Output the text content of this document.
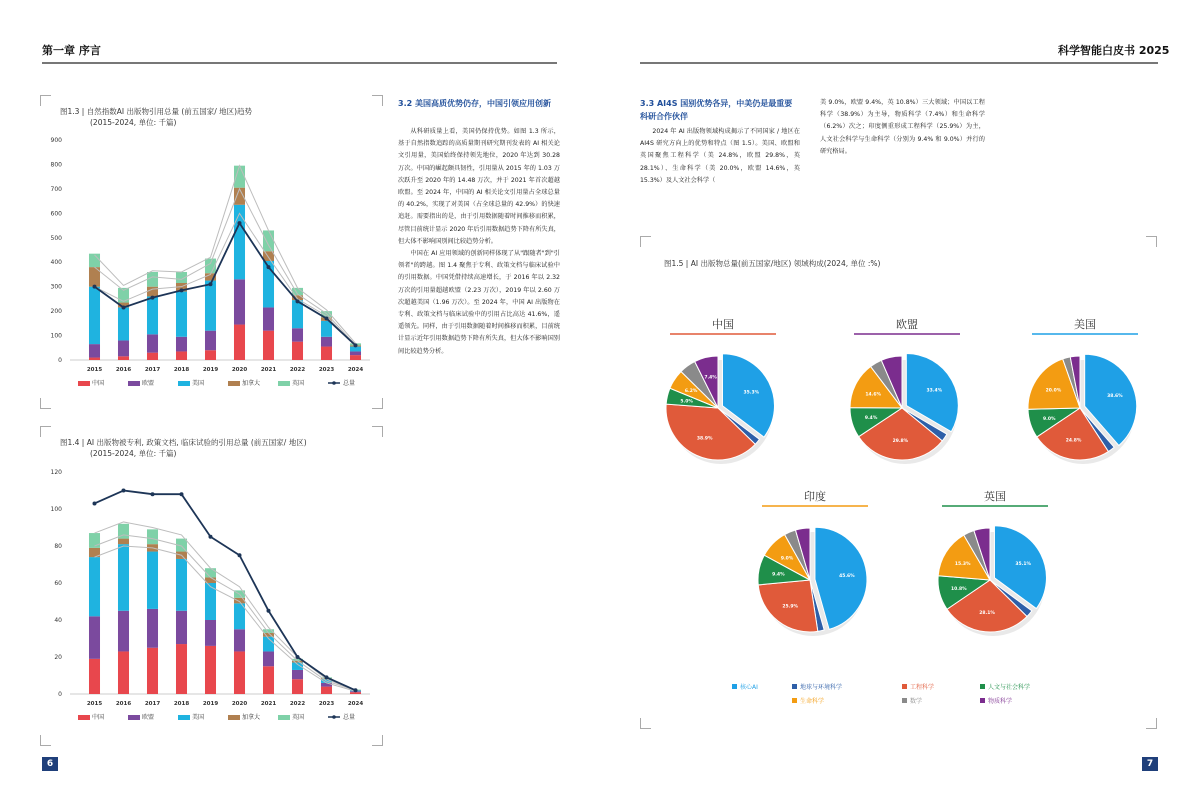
第一章 序言
图1.3 | 自然指数AI 出版物引用总量 (前五国家/ 地区)趋势
(2015-2024, 单位: 千篇)
0
100
200
300
400
500
600
700
800
900
2015 2016 2017 2018 2019 2020 2021 2022 2023 2024
中国	欧盟	美国	加拿大	英国	总量
图1.4 | AI 出版物被专利, 政策文档, 临床试验的引用总量 (前五国家/ 地区)
(2015-2024, 单位: 千篇)
0
20
40
60
80
100
120
2015 2016 2017 2018 2019 2020 2021 2022 2023 2024
中国	欧盟	美国	加拿大	英国	总量
3.2 美国高质优势仍存，中国引领应用创新

从科研质量上看，美国仍保持优势。如图 1.3 所示，基于自然指数追踪的高质量期刊研究期刊发表的 AI 相关论文引用量，美国始终保持领先地位，2020 年达到 30.28 万次。中国的崛起颇具韧性，引用量从 2015 年的 1.03 万次跃升至 2020 年的 14.48 万次，并于 2021 年首次超越欧盟。至 2024 年，中国的 AI 相关论文引用量占全球总量的 40.2%，实现了对美国（占全球总量的 42.9%）的快速追赶。需要指出的是，由于引用数据随着时间推移而积累，尽管目前统计显示 2020 年后引用数据趋势下降有所失真，但大体不影响国别间比较趋势分析。

中国在 AI 应用领域的创新同样体现了从"跟随者"到"引领者"的跨越。图 1.4 聚焦于专利、政策文档与临床试验中的引用数据。中国凭借持续高速增长，于 2016 年以 2.32 万次的引用量超越欧盟（2.23 万次），2019 年以 2.60 万次超越美国（1.96 万次）。至 2024 年，中国 AI 出版物在专利、政策文档与临床试验中的引用占比高达 41.6%，遥遥领先。同样，由于引用数据随着时间推移而积累，目前统计显示近年引用数据趋势下降有所失真，但大体不影响国别间比较趋势分析。

6
科学智能白皮书 2025
3.3 AI4S 国别优势各异，中美仍是最重要科研合作伙伴

2024 年 AI 出版物领域构成揭示了不同国家 / 地区在 AI4S 研究方向上的优势和特点（图 1.5）。美国、欧盟和英国聚焦工程科学（美 24.8%，欧盟 29.8%，英 28.1%）、生命科学（美 20.0%，欧盟 14.6%，英 15.3%）及人文社会科学（

美 9.0%，欧盟 9.4%，英 10.8%）三大领域；中国以工程科学（38.9%）为主导，物质科学（7.4%）和生命科学（6.2%）次之；印度侧重形成工程科学（25.9%）为主，人文社会科学与生命科学（分别为 9.4% 和 9.0%）并行的研究格局。
图1.5 | AI 出版物总量(前五国家/地区) 领域构成(2024, 单位 :%)
中国
35.3%
38.9%
5.0%
6.2%
7.4%
欧盟
33.4%
29.8%
9.4%
14.6%
美国
38.6%
24.8%
9.0%
20.0%
印度
45.6%
25.9%
9.4%
9.0%
英国
35.1%
28.1%
10.8%
15.3%
核心AI	地球与环境科学	工程科学	人文与社会科学
生命科学	数学	物质科学
7
